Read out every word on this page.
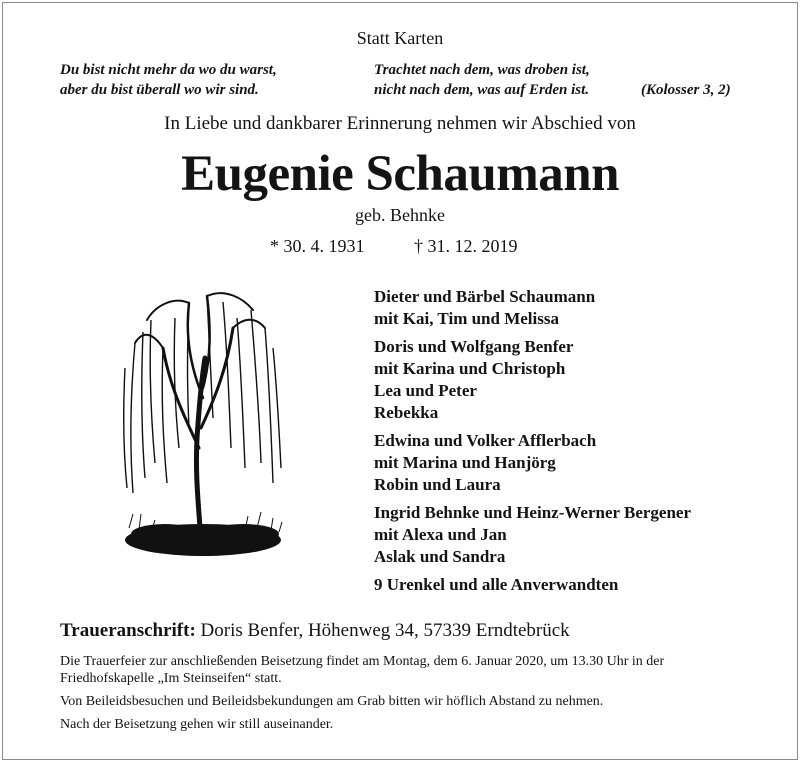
Statt Karten
Du bist nicht mehr da wo du warst,
aber du bist überall wo wir sind.
Trachtet nach dem, was droben ist,
nicht nach dem, was auf Erden ist.	(Kolosser 3, 2)
In Liebe und dankbarer Erinnerung nehmen wir Abschied von
Eugenie Schaumann
geb. Behnke
* 30. 4. 1931	† 31. 12. 2019
Dieter und Bärbel Schaumann
mit Kai, Tim und Melissa
Doris und Wolfgang Benfer
mit Karina und Christoph
Lea und Peter
Rebekka
Edwina und Volker Afflerbach
mit Marina und Hanjörg
Robin und Laura
Ingrid Behnke und Heinz-Werner Bergener
mit Alexa und Jan
Aslak und Sandra
9 Urenkel und alle Anverwandten
Traueranschrift: Doris Benfer, Höhenweg 34, 57339 Erndtebrück

Die Trauerfeier zur anschließenden Beisetzung findet am Montag, dem 6. Januar 2020, um 13.30 Uhr in der Friedhofskapelle „Im Steinseifen“ statt.

Von Beileidsbesuchen und Beileidsbekundungen am Grab bitten wir höflich Abstand zu nehmen.

Nach der Beisetzung gehen wir still auseinander.
